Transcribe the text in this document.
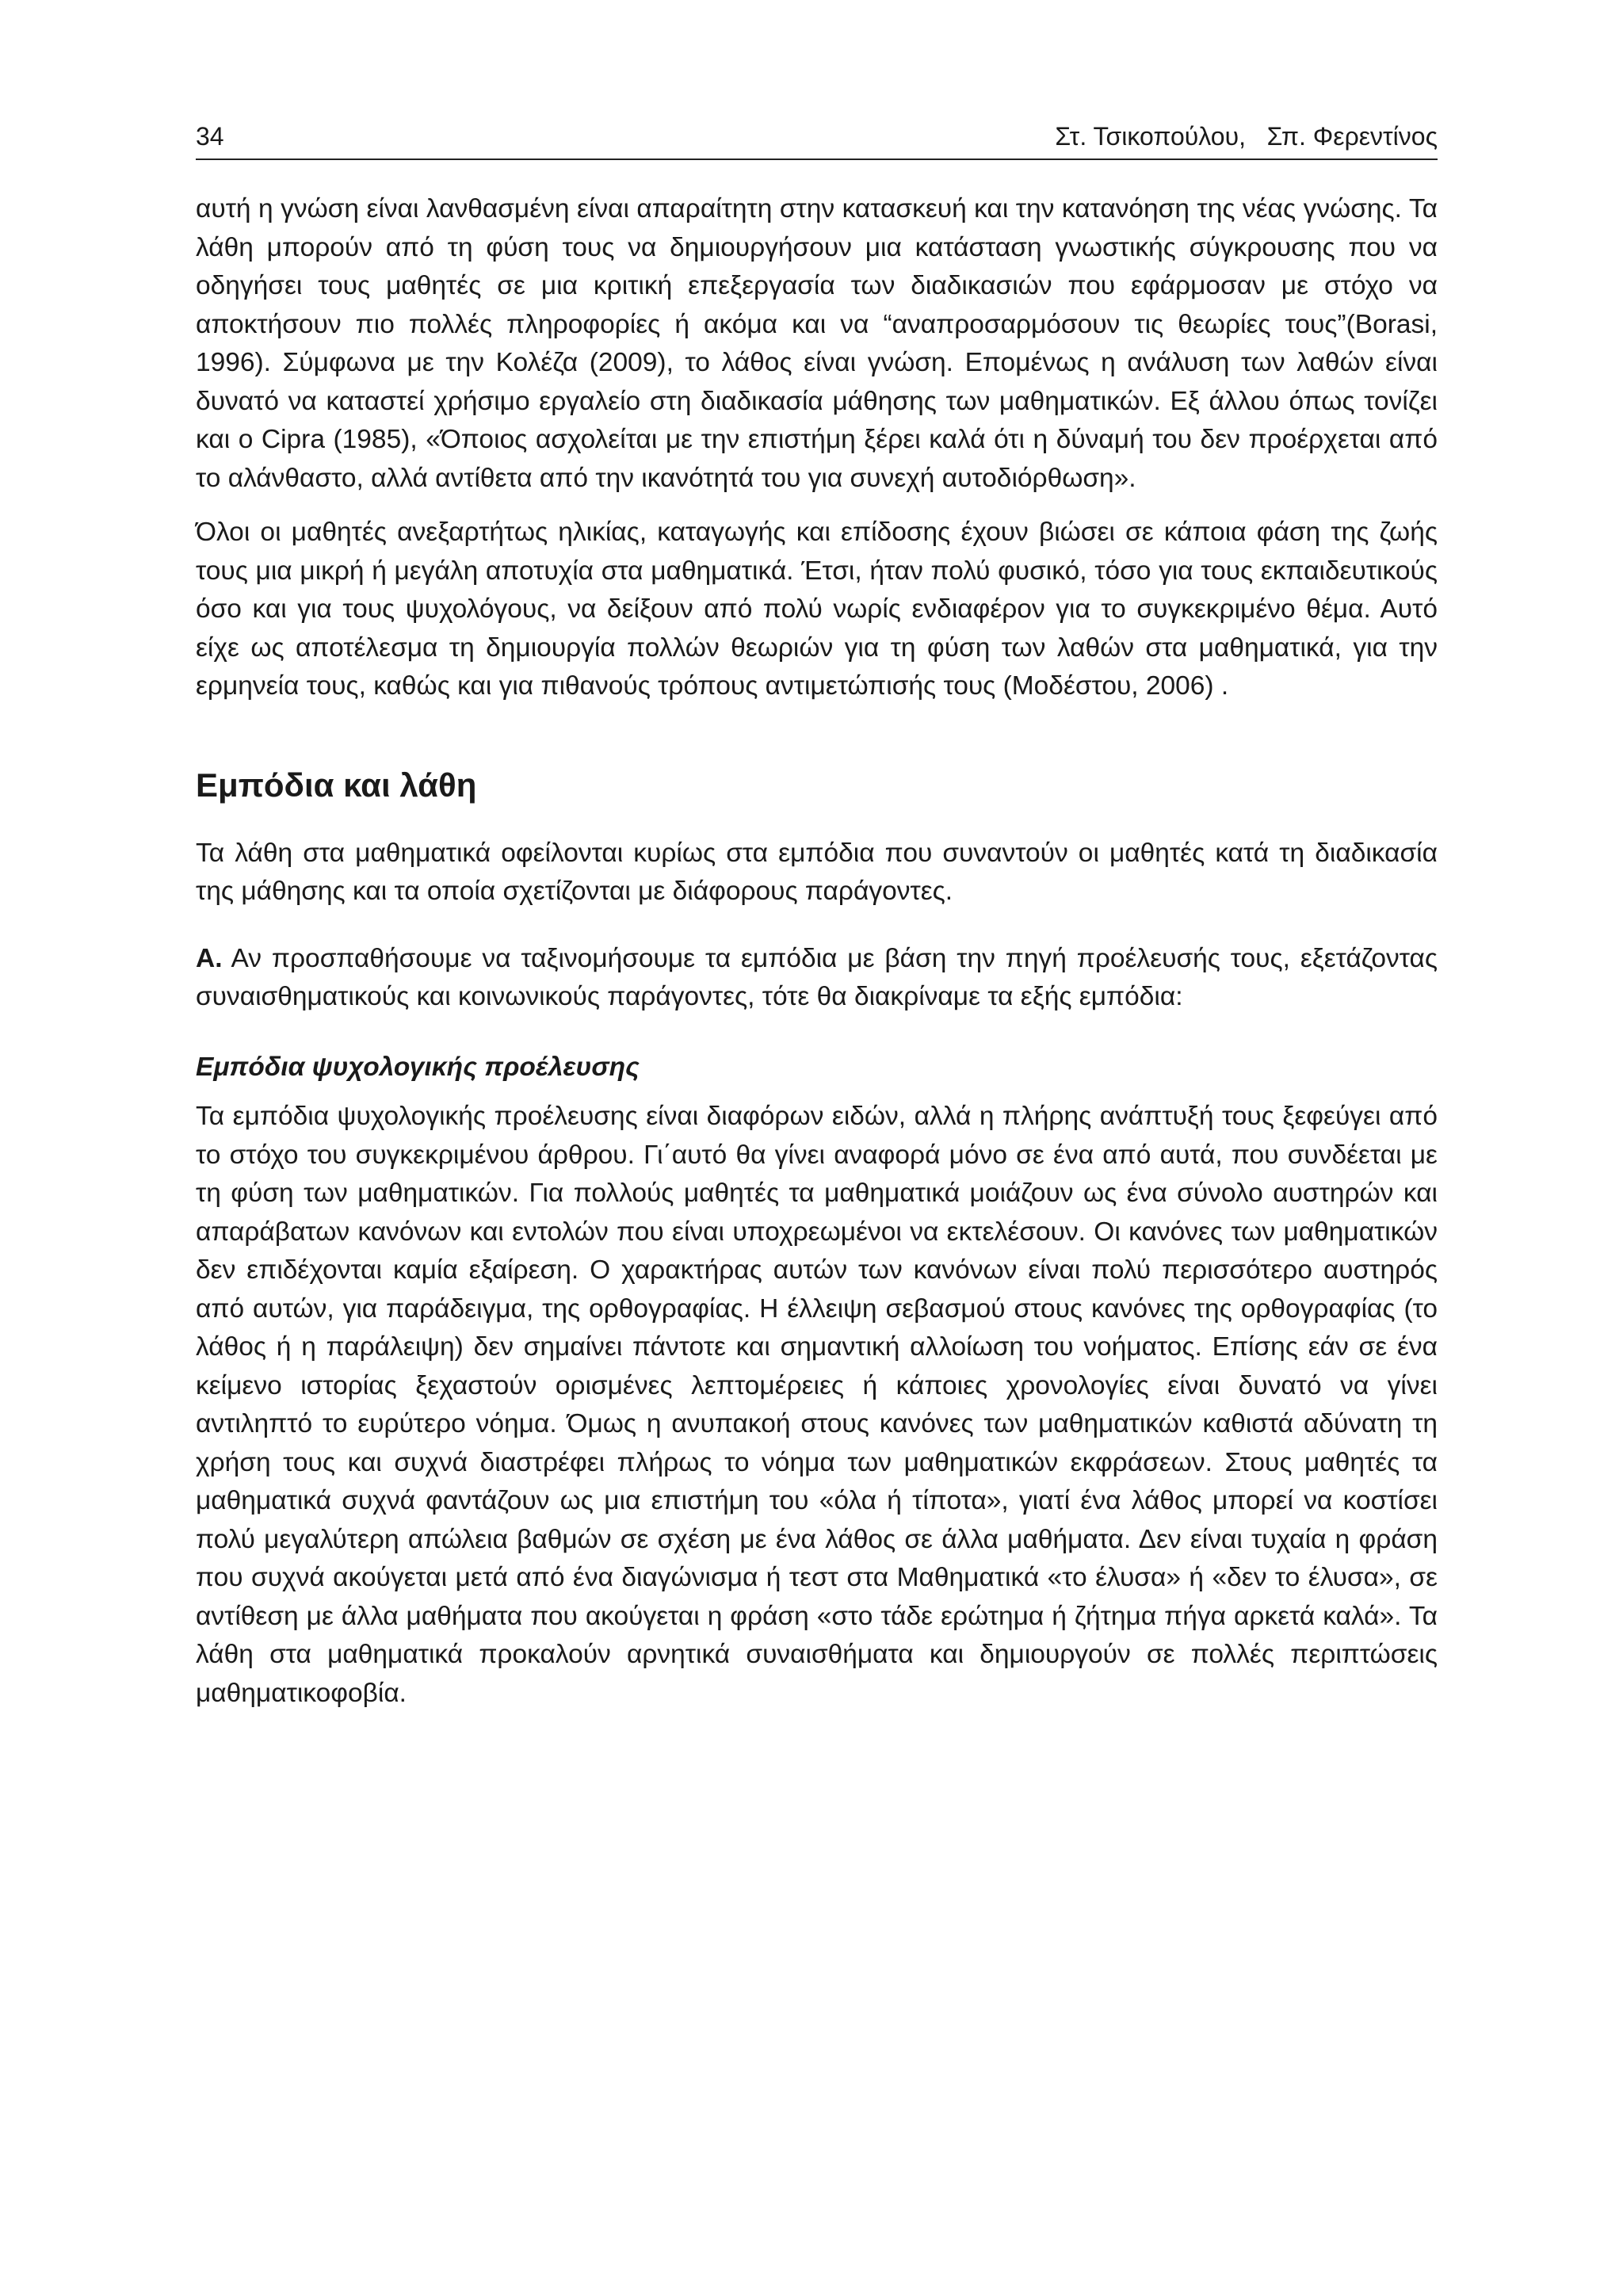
34	Στ. Τσικοπούλου,   Σπ. Φερεντίνος

αυτή η γνώση είναι λανθασμένη είναι απαραίτητη στην κατασκευή και την κατανόηση της νέας γνώσης. Τα λάθη μπορούν από τη φύση τους να δημιουργήσουν μια κατάσταση γνωστικής σύγκρουσης που να οδηγήσει τους μαθητές σε μια κριτική επεξεργασία των διαδικασιών που εφάρμοσαν με στόχο να αποκτήσουν πιο πολλές πληροφορίες ή ακόμα και να “αναπροσαρμόσουν τις θεωρίες τους”(Borasi, 1996). Σύμφωνα με την Κολέζα (2009), το λάθος είναι γνώση. Επομένως η ανάλυση των λαθών είναι δυνατό να καταστεί χρήσιμο εργαλείο στη διαδικασία μάθησης των μαθηματικών. Εξ άλλου όπως τονίζει και ο Cipra (1985), «Όποιος ασχολείται με την επιστήμη ξέρει καλά ότι η δύναμή του δεν προέρχεται από το αλάνθαστο, αλλά αντίθετα από την ικανότητά του για συνεχή αυτοδιόρθωση».

Όλοι οι μαθητές ανεξαρτήτως ηλικίας, καταγωγής και επίδοσης έχουν βιώσει σε κάποια φάση της ζωής τους μια μικρή ή μεγάλη αποτυχία στα μαθηματικά. Έτσι, ήταν πολύ φυσικό, τόσο για τους εκπαιδευτικούς όσο και για τους ψυχολόγους, να δείξουν από πολύ νωρίς ενδιαφέρον για το συγκεκριμένο θέμα. Αυτό είχε ως αποτέλεσμα τη δημιουργία πολλών θεωριών για τη φύση των λαθών στα μαθηματικά, για την ερμηνεία τους, καθώς και για πιθανούς τρόπους αντιμετώπισής τους (Μοδέστου, 2006) .

Εμπόδια και λάθη

Τα λάθη στα μαθηματικά οφείλονται κυρίως στα εμπόδια που συναντούν οι μαθητές κατά τη διαδικασία της μάθησης και τα οποία σχετίζονται με διάφορους παράγοντες.

Α. Αν προσπαθήσουμε να ταξινομήσουμε τα εμπόδια με βάση την πηγή προέλευσής τους, εξετάζοντας συναισθηματικούς και κοινωνικούς παράγοντες, τότε θα διακρίναμε τα εξής εμπόδια:

Εμπόδια ψυχολογικής προέλευσης

Τα εμπόδια ψυχολογικής προέλευσης είναι διαφόρων ειδών, αλλά η πλήρης ανάπτυξή τους ξεφεύγει από το στόχο του συγκεκριμένου άρθρου. Γι΄αυτό θα γίνει αναφορά μόνο σε ένα από αυτά, που συνδέεται με τη φύση των μαθηματικών. Για πολλούς μαθητές τα μαθηματικά μοιάζουν ως ένα σύνολο αυστηρών και απαράβατων κανόνων και εντολών που είναι υποχρεωμένοι να εκτελέσουν. Οι κανόνες των μαθηματικών δεν επιδέχονται καμία εξαίρεση. Ο χαρακτήρας αυτών των κανόνων είναι πολύ περισσότερο αυστηρός από αυτών, για παράδειγμα, της ορθογραφίας. Η έλλειψη σεβασμού στους κανόνες της ορθογραφίας (το λάθος ή η παράλειψη) δεν σημαίνει πάντοτε και σημαντική αλλοίωση του νοήματος. Επίσης εάν σε ένα κείμενο ιστορίας ξεχαστούν ορισμένες λεπτομέρειες ή κάποιες χρονολογίες είναι δυνατό να γίνει αντιληπτό το ευρύτερο νόημα. Όμως η ανυπακοή στους κανόνες των μαθηματικών καθιστά αδύνατη τη χρήση τους και συχνά διαστρέφει πλήρως το νόημα των μαθηματικών εκφράσεων. Στους μαθητές τα μαθηματικά συχνά φαντάζουν ως μια επιστήμη του «όλα ή τίποτα», γιατί ένα λάθος μπορεί να κοστίσει πολύ μεγαλύτερη απώλεια βαθμών σε σχέση με ένα λάθος σε άλλα μαθήματα. Δεν είναι τυχαία η φράση που συχνά ακούγεται μετά από ένα διαγώνισμα ή τεστ στα Μαθηματικά «το έλυσα» ή «δεν το έλυσα», σε αντίθεση με άλλα μαθήματα που ακούγεται η φράση «στο τάδε ερώτημα ή ζήτημα πήγα αρκετά καλά». Τα λάθη στα μαθηματικά προκαλούν αρνητικά συναισθήματα και δημιουργούν σε πολλές περιπτώσεις μαθηματικοφοβία.
